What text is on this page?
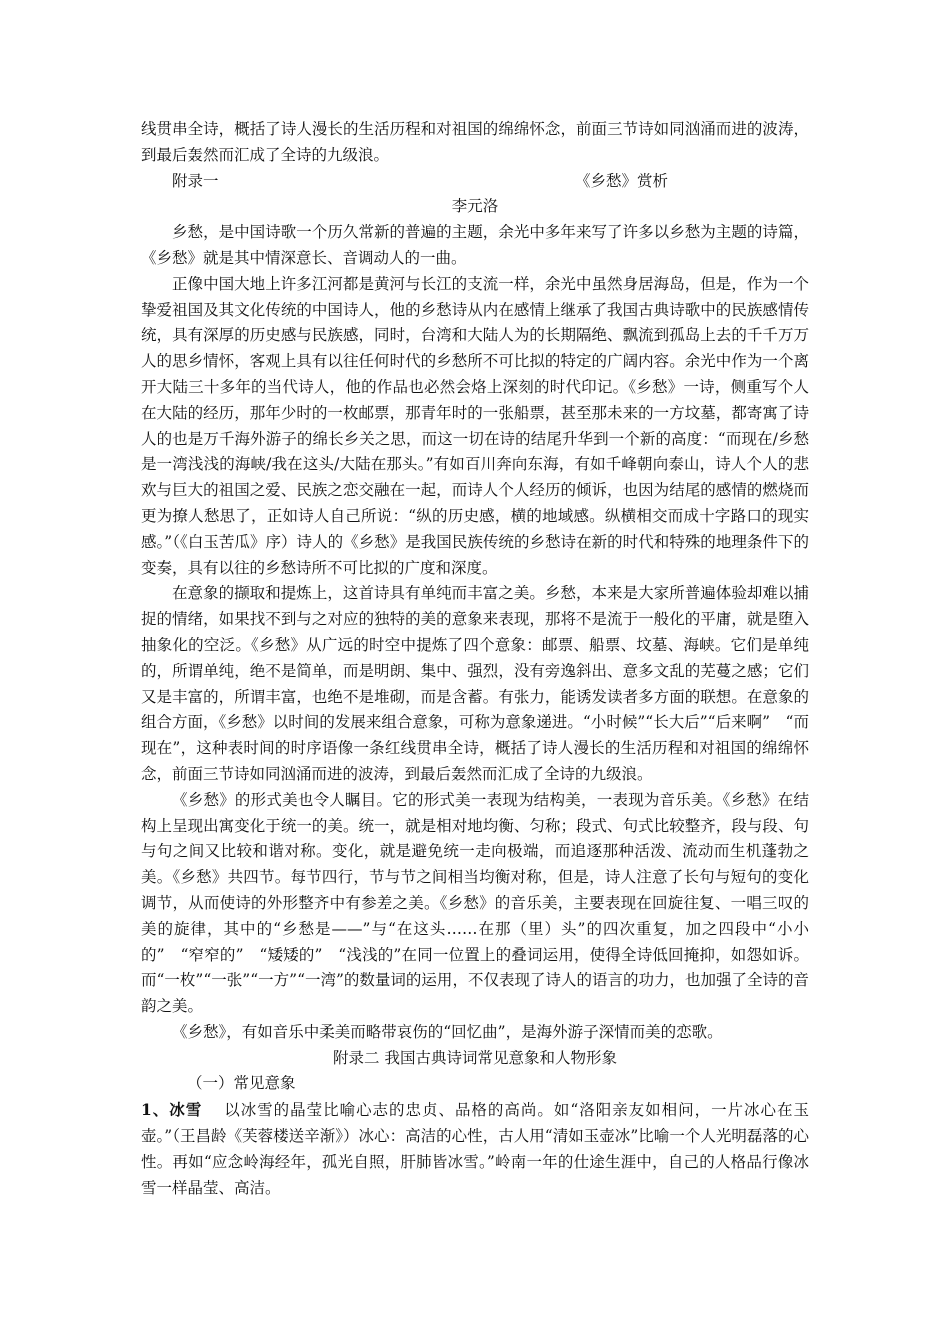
线贯串全诗，概括了诗人漫长的生活历程和对祖国的绵绵怀念，前面三节诗如同汹涌而进的波涛，到最后轰然而汇成了全诗的九级浪。

附录一	《乡愁》赏析

李元洛

乡愁，是中国诗歌一个历久常新的普遍的主题，余光中多年来写了许多以乡愁为主题的诗篇，《乡愁》就是其中情深意长、音调动人的一曲。

正像中国大地上许多江河都是黄河与长江的支流一样，余光中虽然身居海岛，但是，作为一个挚爱祖国及其文化传统的中国诗人，他的乡愁诗从内在感情上继承了我国古典诗歌中的民族感情传统，具有深厚的历史感与民族感，同时，台湾和大陆人为的长期隔绝、飘流到孤岛上去的千千万万人的思乡情怀，客观上具有以往任何时代的乡愁所不可比拟的特定的广阔内容。余光中作为一个离开大陆三十多年的当代诗人，他的作品也必然会烙上深刻的时代印记。《乡愁》一诗，侧重写个人在大陆的经历，那年少时的一枚邮票，那青年时的一张船票，甚至那未来的一方坟墓，都寄寓了诗人的也是万千海外游子的绵长乡关之思，而这一切在诗的结尾升华到一个新的高度：“而现在/乡愁是一湾浅浅的海峡/我在这头/大陆在那头。”有如百川奔向东海，有如千峰朝向泰山，诗人个人的悲欢与巨大的祖国之爱、民族之恋交融在一起，而诗人个人经历的倾诉，也因为结尾的感情的燃烧而更为撩人愁思了，正如诗人自己所说：“纵的历史感，横的地域感。纵横相交而成十字路口的现实感。”（《白玉苦瓜》序）诗人的《乡愁》是我国民族传统的乡愁诗在新的时代和特殊的地理条件下的变奏，具有以往的乡愁诗所不可比拟的广度和深度。

在意象的撷取和提炼上，这首诗具有单纯而丰富之美。乡愁，本来是大家所普遍体验却难以捕捉的情绪，如果找不到与之对应的独特的美的意象来表现，那将不是流于一般化的平庸，就是堕入抽象化的空泛。《乡愁》从广远的时空中提炼了四个意象：邮票、船票、坟墓、海峡。它们是单纯的，所谓单纯，绝不是简单，而是明朗、集中、强烈，没有旁逸斜出、意多文乱的芜蔓之感；它们又是丰富的，所谓丰富，也绝不是堆砌，而是含蓄。有张力，能诱发读者多方面的联想。在意象的组合方面，《乡愁》以时间的发展来组合意象，可称为意象递进。“小时候”“长大后”“后来啊”　“而现在”，这种表时间的时序语像一条红线贯串全诗，概括了诗人漫长的生活历程和对祖国的绵绵怀念，前面三节诗如同汹涌而进的波涛，到最后轰然而汇成了全诗的九级浪。

《乡愁》的形式美也令人瞩目。它的形式美一表现为结构美，一表现为音乐美。《乡愁》在结构上呈现出寓变化于统一的美。统一，就是相对地均衡、匀称；段式、句式比较整齐，段与段、句与句之间又比较和谐对称。变化，就是避免统一走向极端，而追逐那种活泼、流动而生机蓬勃之美。《乡愁》共四节。每节四行，节与节之间相当均衡对称，但是，诗人注意了长句与短句的变化调节，从而使诗的外形整齐中有参差之美。《乡愁》的音乐美，主要表现在回旋往复、一唱三叹的美的旋律，其中的“乡愁是——”与“在这头……在那（里）头”的四次重复，加之四段中“小小的”　“窄窄的”　“矮矮的”　“浅浅的”在同一位置上的叠词运用，使得全诗低回掩抑，如怨如诉。而“一枚”“一张”“一方”“一湾”的数量词的运用，不仅表现了诗人的语言的功力，也加强了全诗的音韵之美。

《乡愁》，有如音乐中柔美而略带哀伤的“回忆曲”，是海外游子深情而美的恋歌。

附录二 我国古典诗词常见意象和人物形象

（一）常见意象

1、冰雪 以冰雪的晶莹比喻心志的忠贞、品格的高尚。如“洛阳亲友如相问，一片冰心在玉壶。”（王昌龄《芙蓉楼送辛渐》）冰心：高洁的心性，古人用“清如玉壶冰”比喻一个人光明磊落的心性。再如“应念岭海经年，孤光自照，肝肺皆冰雪。”岭南一年的仕途生涯中，自己的人格品行像冰雪一样晶莹、高洁。
